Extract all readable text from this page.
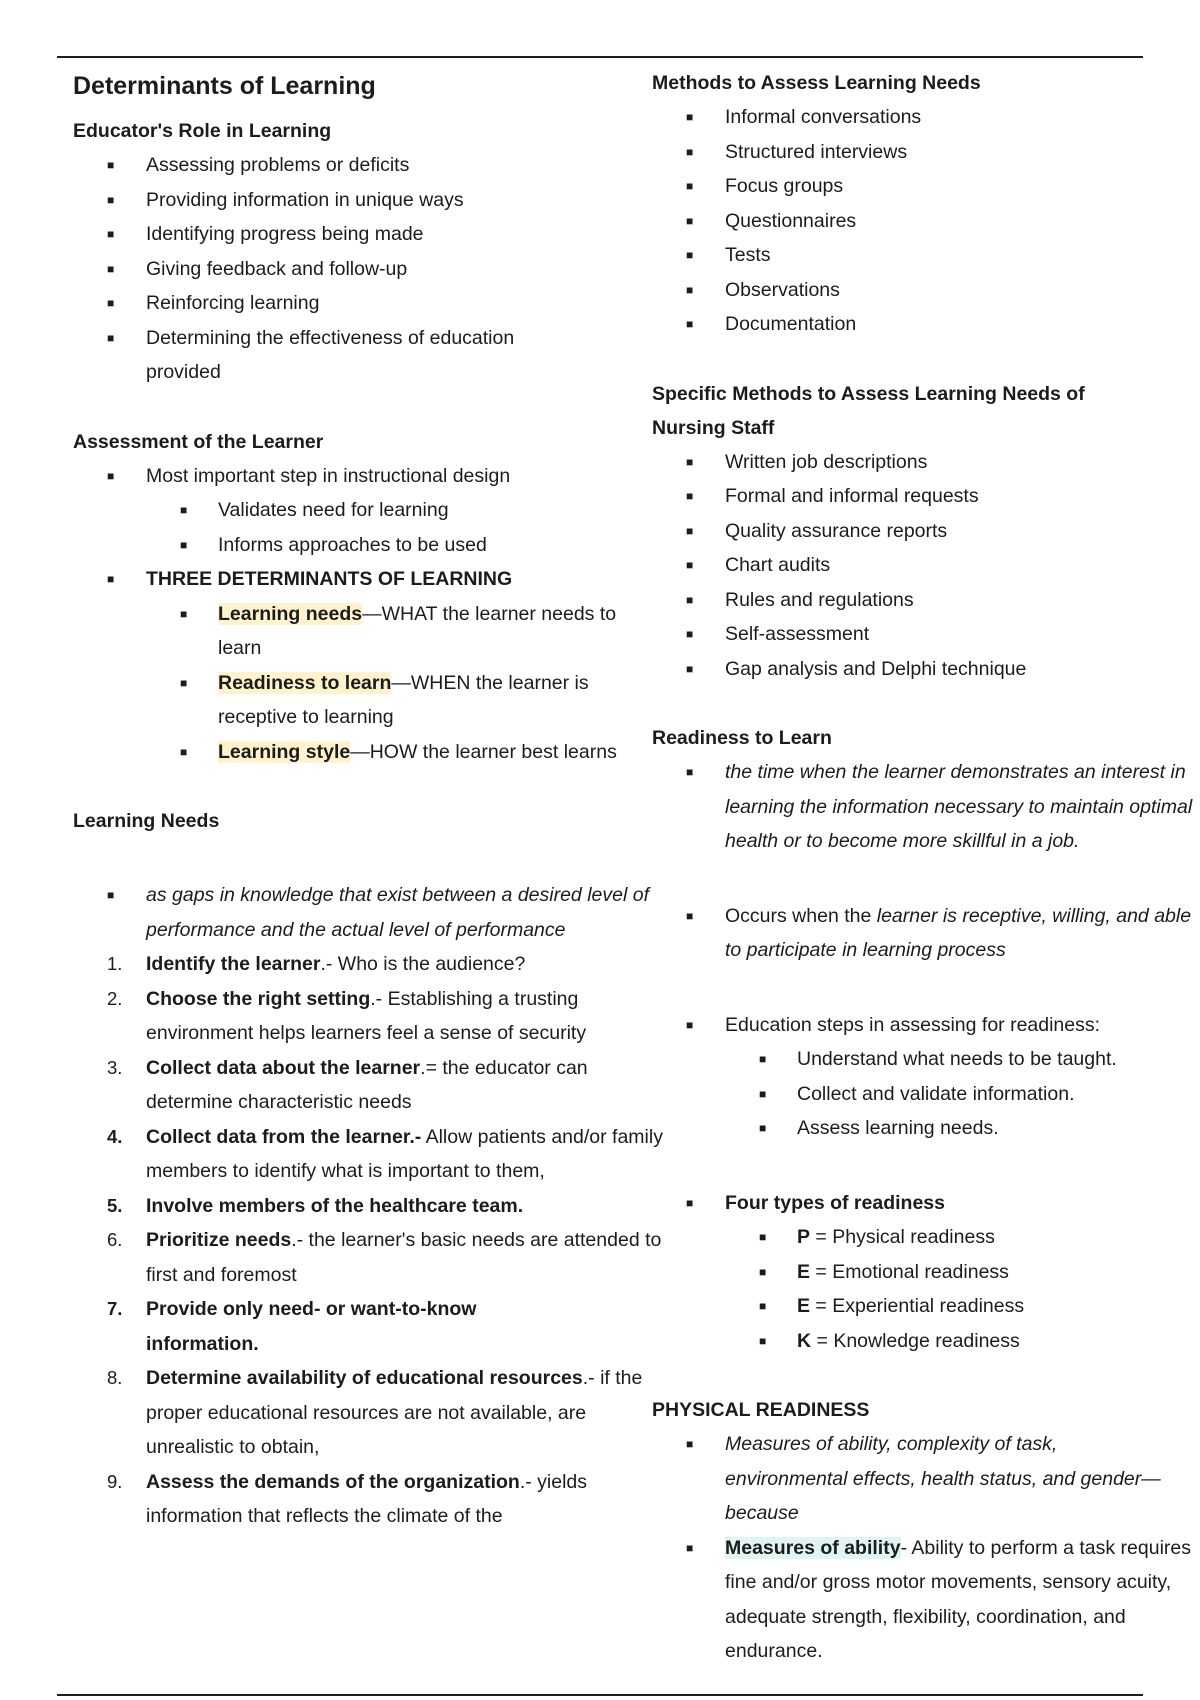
Determinants of Learning
Educator's Role in Learning
■ Assessing problems or deficits
■ Providing information in unique ways
■ Identifying progress being made
■ Giving feedback and follow-up
■ Reinforcing learning
■ Determining the effectiveness of education provided
Assessment of the Learner
■ Most important step in instructional design
■ Validates need for learning
■ Informs approaches to be used
■ THREE DETERMINANTS OF LEARNING
■ Learning needs—WHAT the learner needs to learn
■ Readiness to learn—WHEN the learner is receptive to learning
■ Learning style—HOW the learner best learns
Learning Needs
■ as gaps in knowledge that exist between a desired level of performance and the actual level of performance
1. Identify the learner.- Who is the audience?
2. Choose the right setting.- Establishing a trusting environment helps learners feel a sense of security
3. Collect data about the learner.= the educator can determine characteristic needs
4. Collect data from the learner.- Allow patients and/or family members to identify what is important to them,
5. Involve members of the healthcare team.
6. Prioritize needs.- the learner's basic needs are attended to first and foremost
7. Provide only need- or want-to-know information.
8. Determine availability of educational resources.- if the proper educational resources are not available, are unrealistic to obtain,
9. Assess the demands of the organization.- yields information that reflects the climate of the
Methods to Assess Learning Needs
■ Informal conversations
■ Structured interviews
■ Focus groups
■ Questionnaires
■ Tests
■ Observations
■ Documentation
Specific Methods to Assess Learning Needs of Nursing Staff
■ Written job descriptions
■ Formal and informal requests
■ Quality assurance reports
■ Chart audits
■ Rules and regulations
■ Self-assessment
■ Gap analysis and Delphi technique
Readiness to Learn
■ the time when the learner demonstrates an interest in learning the information necessary to maintain optimal health or to become more skillful in a job.
■ Occurs when the learner is receptive, willing, and able to participate in learning process
■ Education steps in assessing for readiness:
■ Understand what needs to be taught.
■ Collect and validate information.
■ Assess learning needs.
■ Four types of readiness
■ P = Physical readiness
■ E = Emotional readiness
■ E = Experiential readiness
■ K = Knowledge readiness
PHYSICAL READINESS
■ Measures of ability, complexity of task, environmental effects, health status, and gender—because
■ Measures of ability- Ability to perform a task requires fine and/or gross motor movements, sensory acuity, adequate strength, flexibility, coordination, and endurance.
